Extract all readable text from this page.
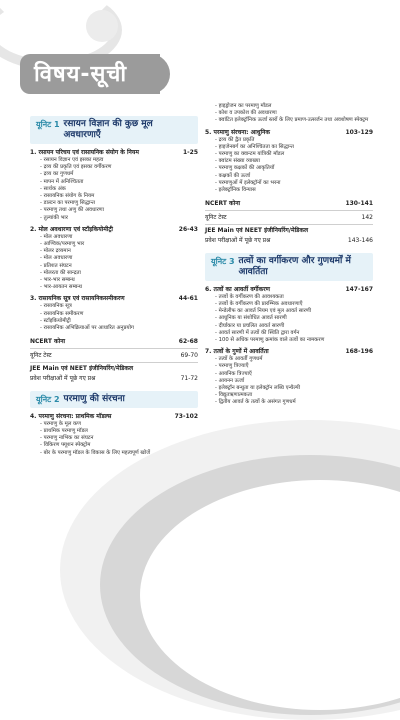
विषय-सूची
यूनिट 1 रसायन विज्ञान की कुछ मूल अवधारणाएँ
1. रसायन परिचय एवं रासायनिक संयोग के नियम	1-25
- रसायन विज्ञान एवं इसका महत्व
- द्रव्य की प्रकृति एवं इसका वर्गीकरण
- द्रव्य का गुणधर्म
- मापन में अनिश्चितता
- सार्थक अंक
- रासायनिक संयोग के नियम
- डाल्टन का परमाणु सिद्धान्त
- परमाणु तथा अणु की अवधारणा
- तुल्यांकी भार
2. मोल अवधारणा एवं स्टॉइकियोमीट्री	26-43
- मोल अवधारणा
- आण्विक/परमाणु भार
- मोलर द्रव्यमान
- मोल अवधारणा
- प्रतिशत संघटन
- मोलरता की सान्द्रता
- भार-भार सम्बन्ध
- भार-आयतन सम्बन्ध
3. रासायनिक सूत्र एवं रासायनिकसमीकरण	44-61
- रासायनिक सूत्र
- रासायनिक समीकरण
- स्टॉइकियोमीट्री
- रासायनिक अभिक्रियाओं पर आधारित अनुप्रयोग
NCERT कोना	62-68
यूनिट टेस्ट	69-70
JEE Main एवं NEET इंजीनियरिंग/मेडिकल
प्रवेश परीक्षाओं में पूछे गए प्रश्न	71-72
यूनिट 2 परमाणु की संरचना
4. परमाणु संरचना: प्राथमिक मॉडल्स	73-102
- परमाणु के मूल कण
- प्राथमिक परमाणु मॉडल
- परमाणु नाभिक का संघटन
- विकिरण फ्यूशन स्पेक्ट्रोम
- बोर के परमाणु मॉडल के विकास के लिए महत्वपूर्ण खोजें
- हाइड्रोजन का परमाणु मॉडल
- कोश व उपकोश की अवधारणा
- क्वांटित इलेक्ट्रॉनिक ऊर्जा स्तरों के लिए प्रमाण-उत्सर्जन तथा अवशोषण स्पेक्ट्रम
5. परमाणु संरचना: आधुनिक	103-129
- द्रव्य की द्वैत प्रकृति
- हाइजेनबर्ग का अनिश्चितता का सिद्धान्त
- परमाणु का क्वान्टम यांत्रिकी मॉडल
- क्वांटम संख्या व्याख्या
- परमाणु कक्षकों की आकृतियाँ
- कक्षकों की ऊर्जा
- परमाणुओं में इलेक्ट्रॉनों का भरना
- इलेक्ट्रॉनिक विन्यास
NCERT कोना	130-141
यूनिट टेस्ट	142
JEE Main एवं NEET इंजीनियरिंग/मेडिकल
प्रवेश परीक्षाओं में पूछे गए प्रश्न	143-146
यूनिट 3 तत्वों का वर्गीकरण और गुणधर्मों में आवर्तिता
6. तत्वों का आवर्ती वर्गीकरण	147-167
- तत्त्वों के वर्गीकरण की आवश्यकता
- तत्त्वों के वर्गीकरण की प्रारम्भिक अवधारणाएँ
- मेन्डेलीफ का आवर्त नियम एवं मूल आवर्त सारणी
- आधुनिक या संशोधित आवर्त सारणी
- दीर्घाकार या प्रचलित आवर्त सारणी
- आवर्त सारणी में तत्वों की स्थिति द्वारा वर्गन
- 100 से अधिक परमाणु क्रमांक वाले तत्वों का नामकरण
7. तत्वों के गुणों में आवर्तिता	168-196
- तत्वों के आवर्ती गुणधर्म
- परमाणु त्रिज्याएँ
- आयनिक त्रिज्याएँ
- आयनन ऊर्जा
- इलेक्ट्रॉन बन्धुता या इलेक्ट्रॉन लब्धि एन्थैल्पी
- विद्युतऋणात्मकता
- द्वितीय आवर्त के तत्वों के असंगत गुणधर्म
